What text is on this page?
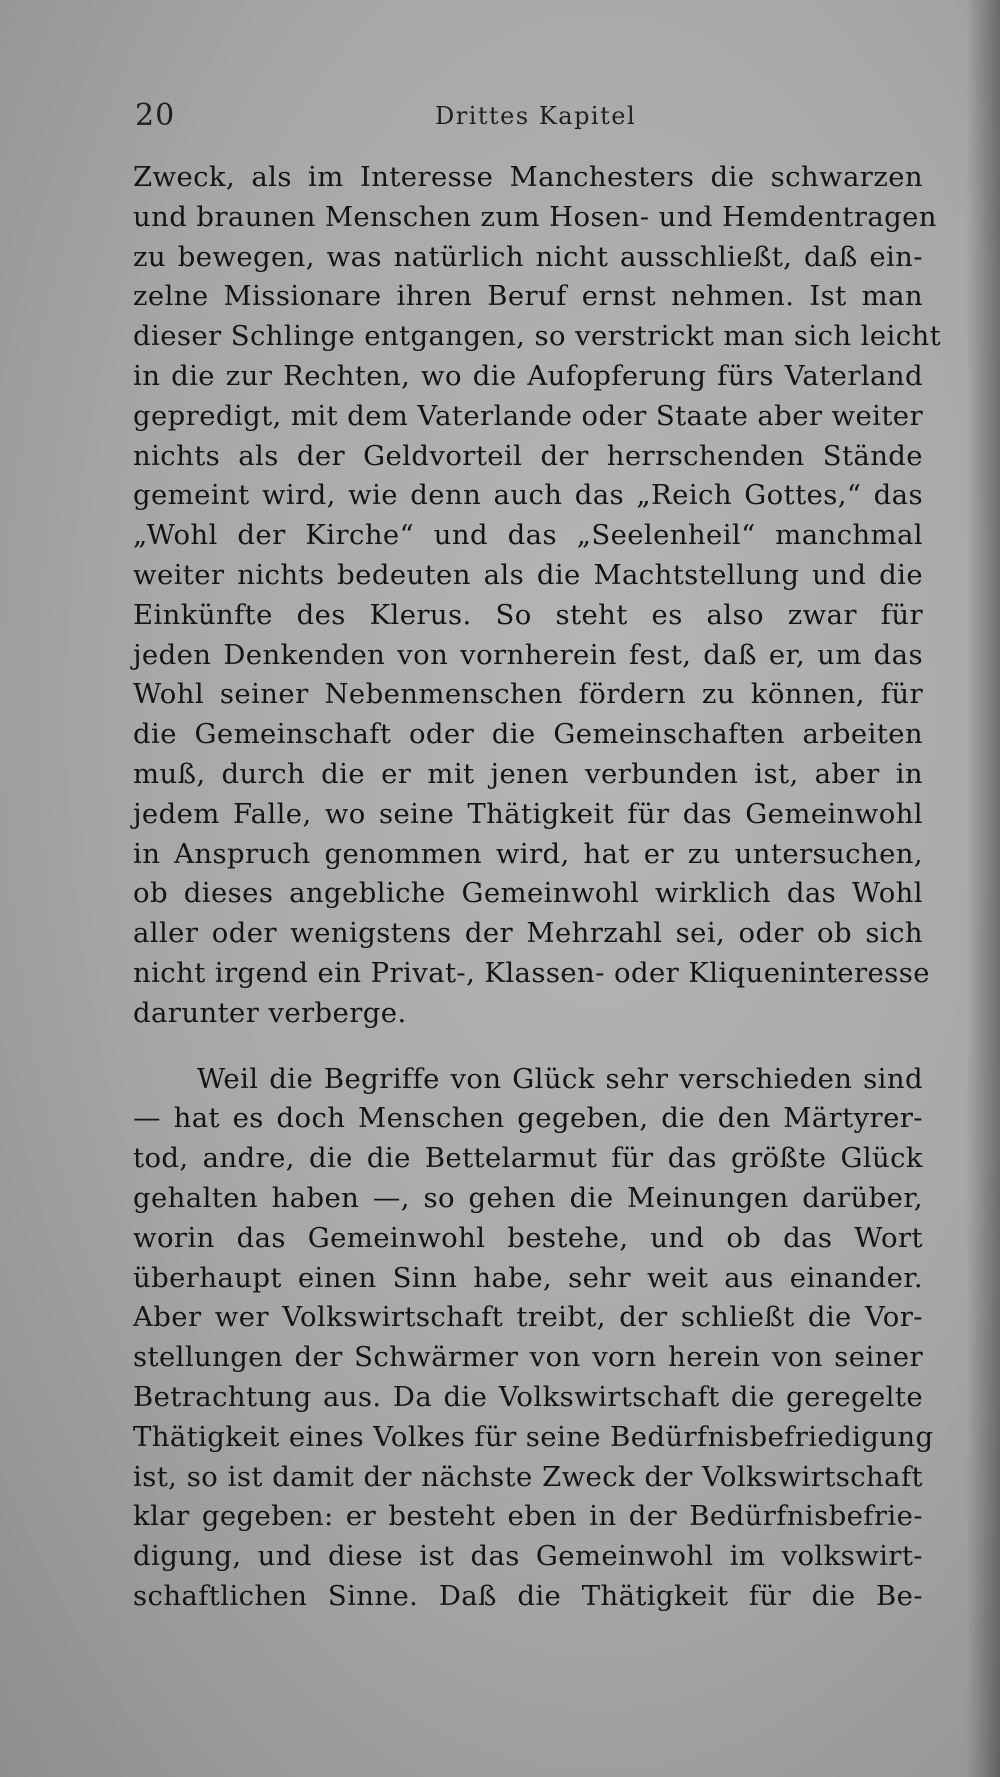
20	Drittes Kapitel
Zweck, als im Interesse Manchesters die schwarzen
und braunen Menschen zum Hosen- und Hemdentragen
zu bewegen, was natürlich nicht ausschließt, daß ein-
zelne Missionare ihren Beruf ernst nehmen. Ist man
dieser Schlinge entgangen, so verstrickt man sich leicht
in die zur Rechten, wo die Aufopferung fürs Vaterland
gepredigt, mit dem Vaterlande oder Staate aber weiter
nichts als der Geldvorteil der herrschenden Stände
gemeint wird, wie denn auch das „Reich Gottes,“ das
„Wohl der Kirche“ und das „Seelenheil“ manchmal
weiter nichts bedeuten als die Machtstellung und die
Einkünfte des Klerus. So steht es also zwar für
jeden Denkenden von vornherein fest, daß er, um das
Wohl seiner Nebenmenschen fördern zu können, für
die Gemeinschaft oder die Gemeinschaften arbeiten
muß, durch die er mit jenen verbunden ist, aber in
jedem Falle, wo seine Thätigkeit für das Gemeinwohl
in Anspruch genommen wird, hat er zu untersuchen,
ob dieses angebliche Gemeinwohl wirklich das Wohl
aller oder wenigstens der Mehrzahl sei, oder ob sich
nicht irgend ein Privat-, Klassen- oder Kliqueninteresse
darunter verberge.
Weil die Begriffe von Glück sehr verschieden sind
— hat es doch Menschen gegeben, die den Märtyrer-
tod, andre, die die Bettelarmut für das größte Glück
gehalten haben —, so gehen die Meinungen darüber,
worin das Gemeinwohl bestehe, und ob das Wort
überhaupt einen Sinn habe, sehr weit aus einander.
Aber wer Volkswirtschaft treibt, der schließt die Vor-
stellungen der Schwärmer von vorn herein von seiner
Betrachtung aus. Da die Volkswirtschaft die geregelte
Thätigkeit eines Volkes für seine Bedürfnisbefriedigung
ist, so ist damit der nächste Zweck der Volkswirtschaft
klar gegeben: er besteht eben in der Bedürfnisbefrie-
digung, und diese ist das Gemeinwohl im volkswirt-
schaftlichen Sinne. Daß die Thätigkeit für die Be-
